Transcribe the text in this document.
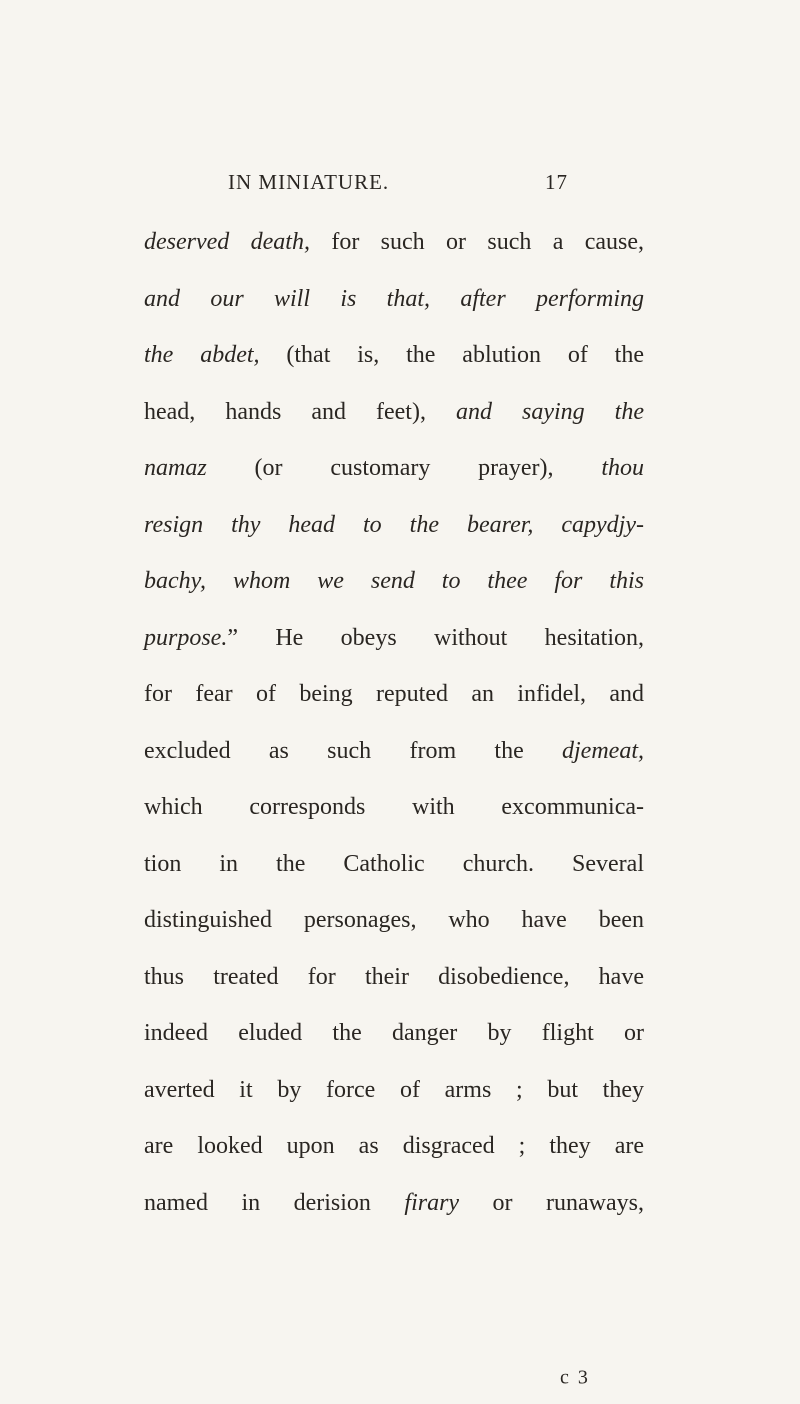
IN MINIATURE.	17
deserved death, for such or such a cause,
and our will is that, after performing
the abdet, (that is, the ablution of the
head, hands and feet), and saying the
namaz (or customary prayer), thou
resign thy head to the bearer, capydjy-
bachy, whom we send to thee for this
purpose.” He obeys without hesitation,
for fear of being reputed an infidel, and
excluded as such from the djemeat,
which corresponds with excommunica-
tion in the Catholic church. Several
distinguished personages, who have been
thus treated for their disobedience, have
indeed eluded the danger by flight or
averted it by force of arms ; but they
are looked upon as disgraced ; they are
named in derision firary or runaways,
c 3
